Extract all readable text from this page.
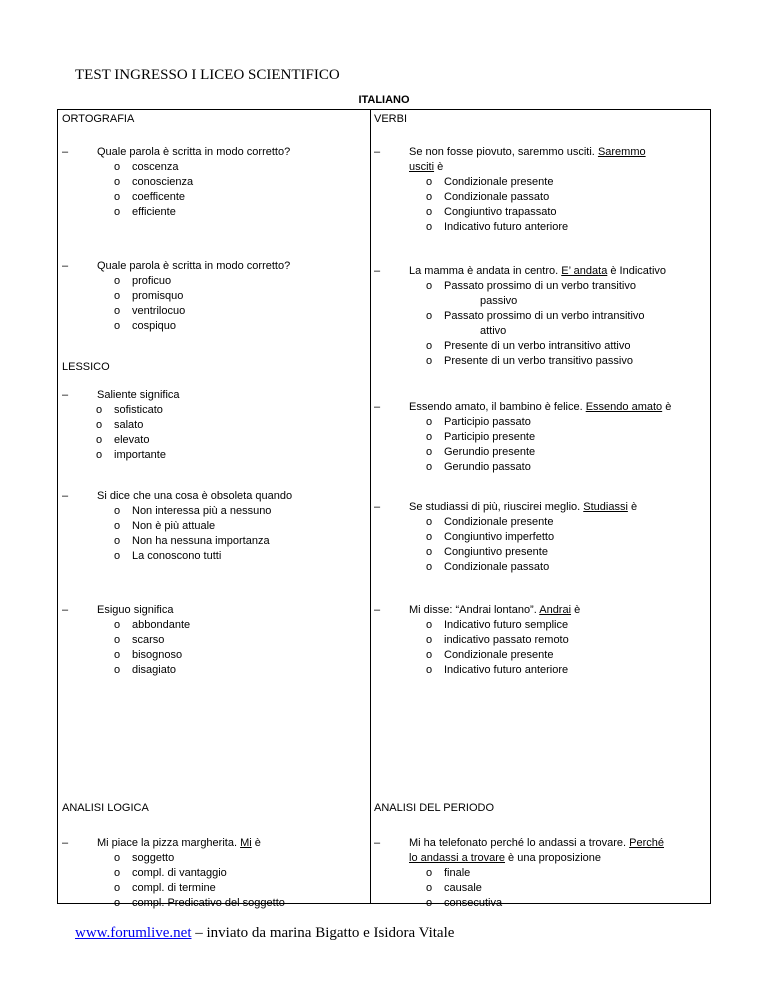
TEST INGRESSO I LICEO SCIENTIFICO
ITALIANO
ORTOGRAFIA
–	Quale parola è scritta in modo corretto?
o coscenza
o conoscienza
o coefficente
o efficiente
–	Quale parola è scritta in modo corretto?
o proficuo
o promisquo
o ventrilocuo
o cospiquo
LESSICO
–	Saliente significa
o sofisticato
o salato
o elevato
o importante
–	Si dice che una cosa è obsoleta quando
o Non interessa più a nessuno
o Non è più attuale
o Non ha nessuna importanza
o La conoscono tutti
–	Esiguo significa
o abbondante
o scarso
o bisognoso
o disagiato
ANALISI LOGICA
–	Mi piace la pizza margherita. Mi è
o soggetto
o compl. di vantaggio
o compl. di termine
o compl. Predicativo del soggetto
VERBI
–	Se non fosse piovuto, saremmo usciti. Saremmo
usciti è
o Condizionale presente
o Condizionale passato
o Congiuntivo trapassato
o Indicativo futuro anteriore
–	La mamma è andata in centro. E’ andata è Indicativo
o Passato prossimo di un verbo transitivo
passivo
o Passato prossimo di un verbo intransitivo
attivo
o Presente di un verbo intransitivo attivo
o Presente di un verbo transitivo passivo
–	Essendo amato, il bambino è felice. Essendo amato è
o Participio passato
o Participio presente
o Gerundio presente
o Gerundio passato
–	Se studiassi di più, riuscirei meglio. Studiassi è
o Condizionale presente
o Congiuntivo imperfetto
o Congiuntivo presente
o Condizionale passato
–	Mi disse: “Andrai lontano”. Andrai è
o Indicativo futuro semplice
o indicativo passato remoto
o Condizionale presente
o Indicativo futuro anteriore
ANALISI DEL PERIODO
–	Mi ha telefonato perché lo andassi a trovare. Perché
lo andassi a trovare è una proposizione
o finale
o causale
o consecutiva
www.forumlive.net – inviato da marina Bigatto e Isidora Vitale
